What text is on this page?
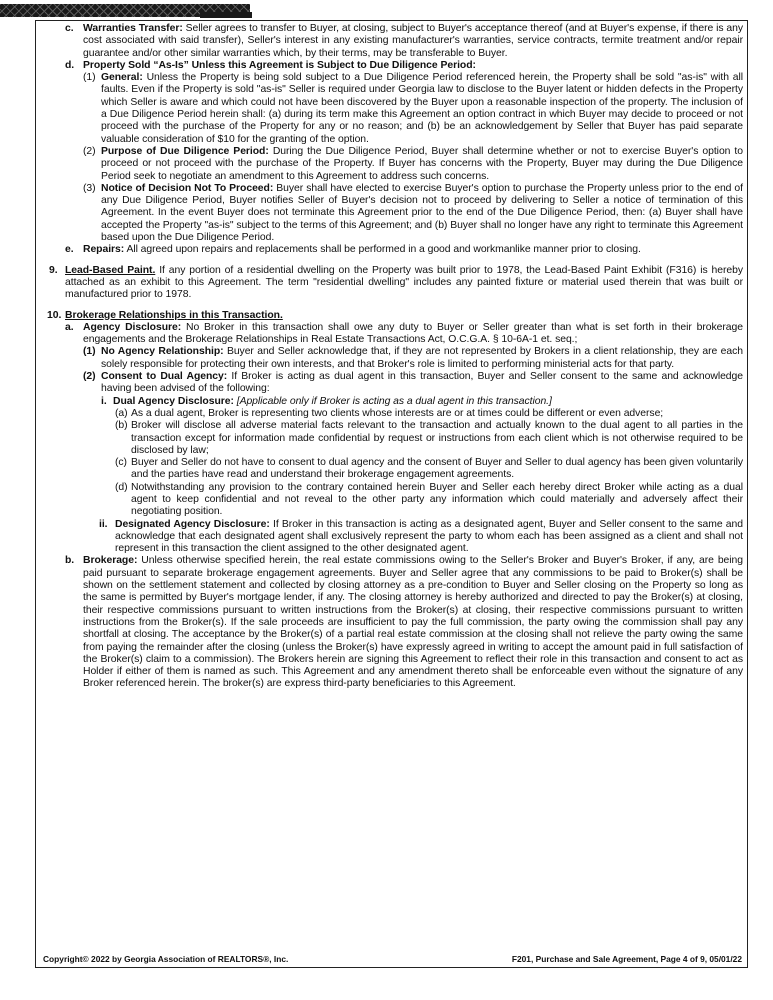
c. Warranties Transfer: Seller agrees to transfer to Buyer, at closing, subject to Buyer's acceptance thereof (and at Buyer's expense, if there is any cost associated with said transfer), Seller's interest in any existing manufacturer's warranties, service contracts, termite treatment and/or repair guarantee and/or other similar warranties which, by their terms, may be transferable to Buyer.

d. Property Sold “As-Is” Unless this Agreement is Subject to Due Diligence Period:

(1) General: Unless the Property is being sold subject to a Due Diligence Period referenced herein, the Property shall be sold "as-is" with all faults. Even if the Property is sold "as-is" Seller is required under Georgia law to disclose to the Buyer latent or hidden defects in the Property which Seller is aware and which could not have been discovered by the Buyer upon a reasonable inspection of the property. The inclusion of a Due Diligence Period herein shall: (a) during its term make this Agreement an option contract in which Buyer may decide to proceed or not proceed with the purchase of the Property for any or no reason; and (b) be an acknowledgement by Seller that Buyer has paid separate valuable consideration of $10 for the granting of the option.

(2) Purpose of Due Diligence Period: During the Due Diligence Period, Buyer shall determine whether or not to exercise Buyer's option to proceed or not proceed with the purchase of the Property. If Buyer has concerns with the Property, Buyer may during the Due Diligence Period seek to negotiate an amendment to this Agreement to address such concerns.

(3) Notice of Decision Not To Proceed: Buyer shall have elected to exercise Buyer's option to purchase the Property unless prior to the end of any Due Diligence Period, Buyer notifies Seller of Buyer's decision not to proceed by delivering to Seller a notice of termination of this Agreement. In the event Buyer does not terminate this Agreement prior to the end of the Due Diligence Period, then: (a) Buyer shall have accepted the Property "as-is" subject to the terms of this Agreement; and (b) Buyer shall no longer have any right to terminate this Agreement based upon the Due Diligence Period.

e. Repairs: All agreed upon repairs and replacements shall be performed in a good and workmanlike manner prior to closing.

9. Lead-Based Paint. If any portion of a residential dwelling on the Property was built prior to 1978, the Lead-Based Paint Exhibit (F316) is hereby attached as an exhibit to this Agreement. The term "residential dwelling" includes any painted fixture or material used therein that was built or manufactured prior to 1978.

10. Brokerage Relationships in this Transaction.

a. Agency Disclosure: No Broker in this transaction shall owe any duty to Buyer or Seller greater than what is set forth in their brokerage engagements and the Brokerage Relationships in Real Estate Transactions Act, O.C.G.A. § 10-6A-1 et. seq.;

(1) No Agency Relationship: Buyer and Seller acknowledge that, if they are not represented by Brokers in a client relationship, they are each solely responsible for protecting their own interests, and that Broker's role is limited to performing ministerial acts for that party.

(2) Consent to Dual Agency: If Broker is acting as dual agent in this transaction, Buyer and Seller consent to the same and acknowledge having been advised of the following:

i. Dual Agency Disclosure: [Applicable only if Broker is acting as a dual agent in this transaction.]

(a) As a dual agent, Broker is representing two clients whose interests are or at times could be different or even adverse;

(b) Broker will disclose all adverse material facts relevant to the transaction and actually known to the dual agent to all parties in the transaction except for information made confidential by request or instructions from each client which is not otherwise required to be disclosed by law;

(c) Buyer and Seller do not have to consent to dual agency and the consent of Buyer and Seller to dual agency has been given voluntarily and the parties have read and understand their brokerage engagement agreements.

(d) Notwithstanding any provision to the contrary contained herein Buyer and Seller each hereby direct Broker while acting as a dual agent to keep confidential and not reveal to the other party any information which could materially and adversely affect their negotiating position.

ii. Designated Agency Disclosure: If Broker in this transaction is acting as a designated agent, Buyer and Seller consent to the same and acknowledge that each designated agent shall exclusively represent the party to whom each has been assigned as a client and shall not represent in this transaction the client assigned to the other designated agent.

b. Brokerage: Unless otherwise specified herein, the real estate commissions owing to the Seller's Broker and Buyer's Broker, if any, are being paid pursuant to separate brokerage engagement agreements. Buyer and Seller agree that any commissions to be paid to Broker(s) shall be shown on the settlement statement and collected by closing attorney as a pre-condition to Buyer and Seller closing on the Property so long as the same is permitted by Buyer's mortgage lender, if any. The closing attorney is hereby authorized and directed to pay the Broker(s) at closing, their respective commissions pursuant to written instructions from the Broker(s) at closing, their respective commissions pursuant to written instructions from the Broker(s). If the sale proceeds are insufficient to pay the full commission, the party owing the commission shall pay any shortfall at closing. The acceptance by the Broker(s) of a partial real estate commission at the closing shall not relieve the party owing the same from paying the remainder after the closing (unless the Broker(s) have expressly agreed in writing to accept the amount paid in full satisfaction of the Broker(s) claim to a commission). The Brokers herein are signing this Agreement to reflect their role in this transaction and consent to act as Holder if either of them is named as such. This Agreement and any amendment thereto shall be enforceable even without the signature of any Broker referenced herein. The broker(s) are express third-party beneficiaries to this Agreement.

Copyright© 2022 by Georgia Association of REALTORS®, Inc.	F201, Purchase and Sale Agreement, Page 4 of 9, 05/01/22
